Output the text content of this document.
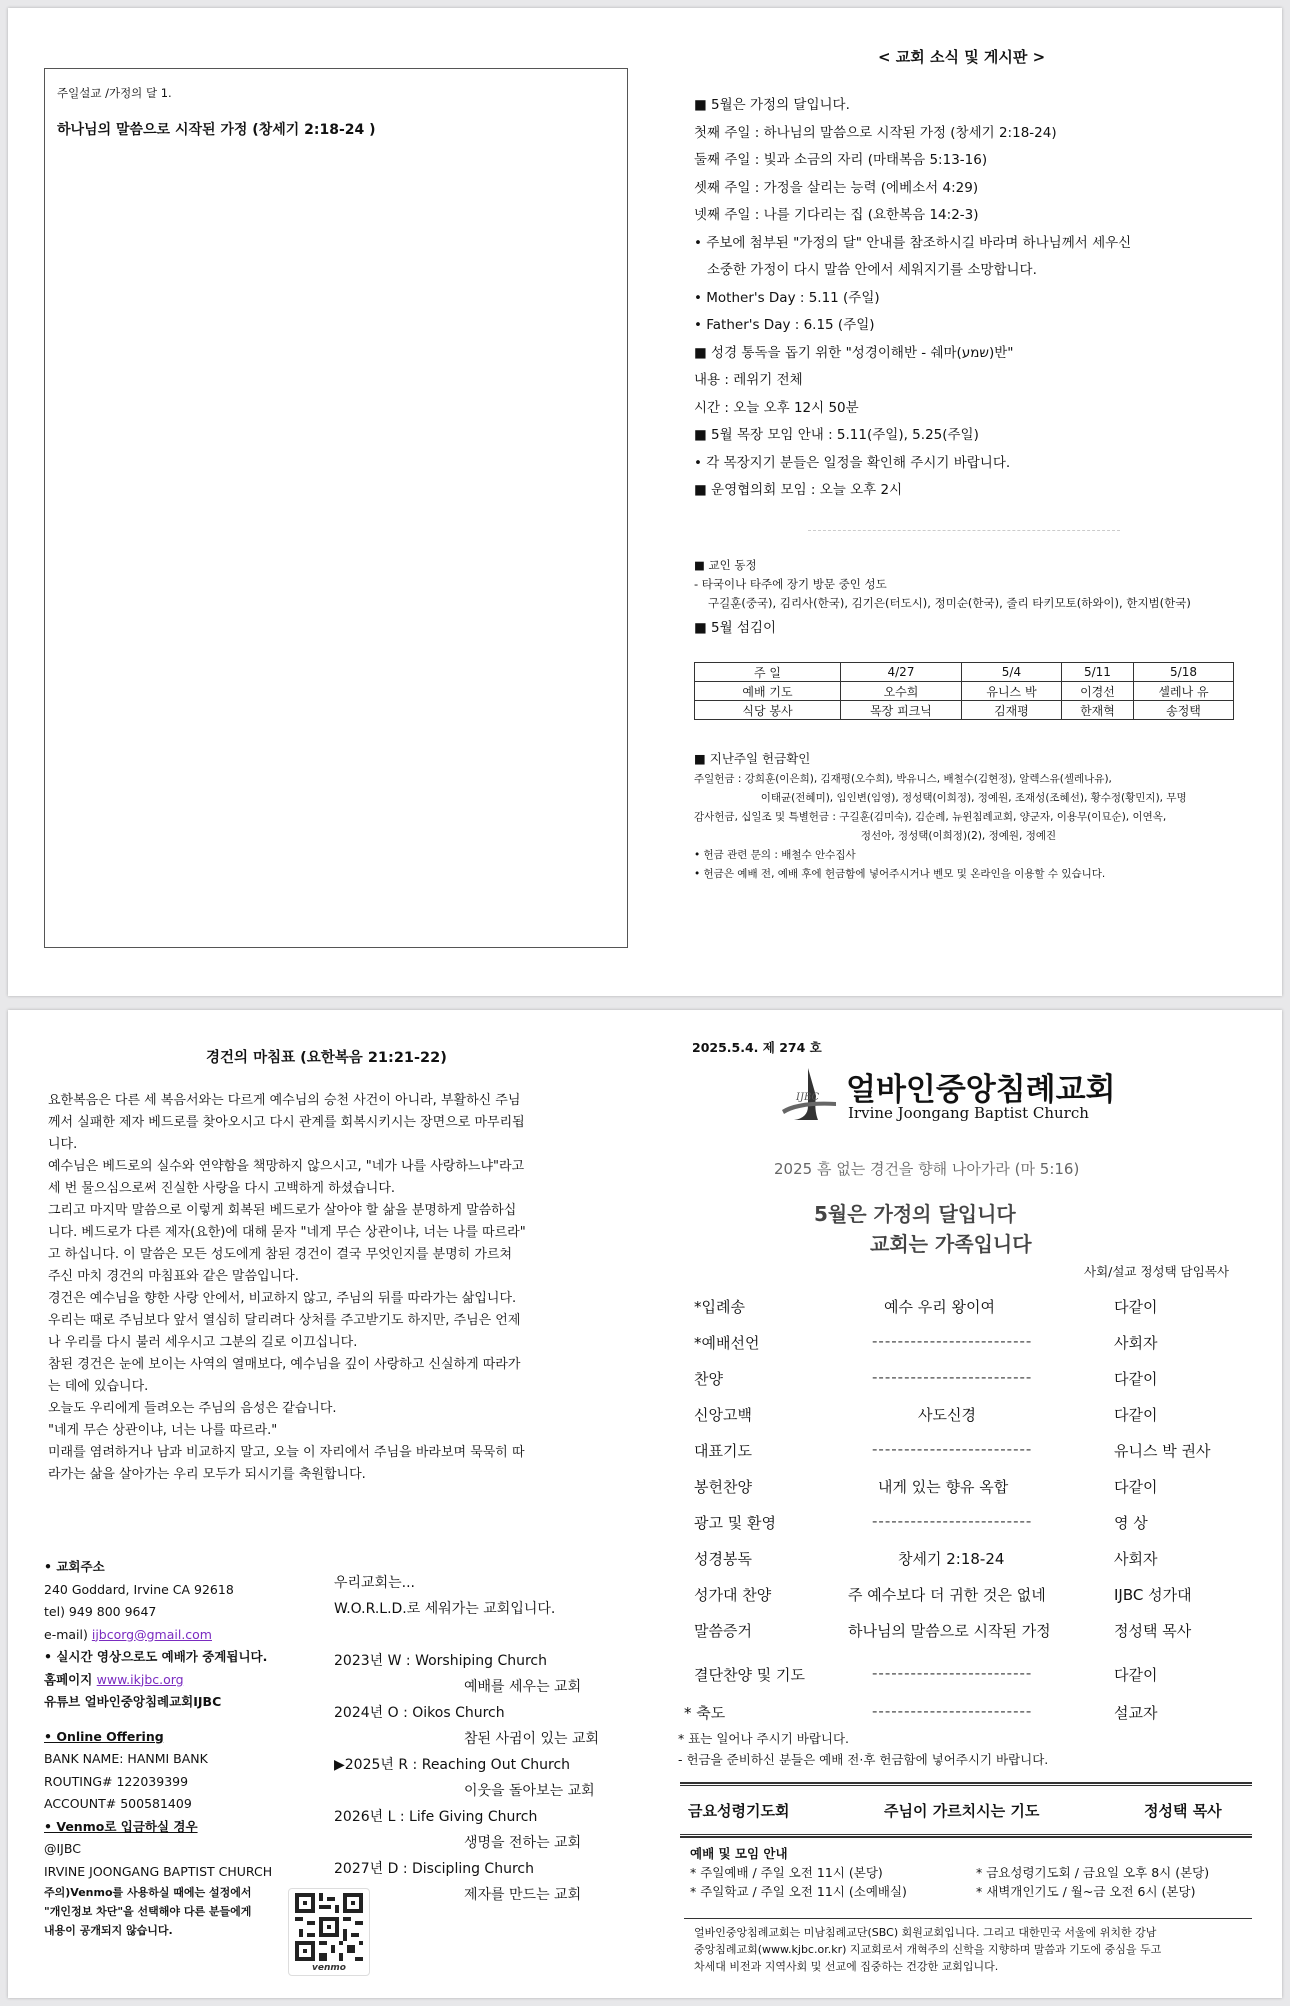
주일설교 /가정의 달 1.
하나님의 말씀으로 시작된 가정 (창세기 2:18-24 )
< 교회 소식 및 게시판 >
■ 5월은 가정의 달입니다.
첫째 주일 : 하나님의 말씀으로 시작된 가정 (창세기 2:18-24)
둘째 주일 : 빛과 소금의 자리 (마태복음 5:13-16)
셋째 주일 : 가정을 살리는 능력 (에베소서 4:29)
넷째 주일 : 나를 기다리는 집 (요한복음 14:2-3)
• 주보에 첨부된 "가정의 달" 안내를 참조하시길 바라며 하나님께서 세우신
소중한 가정이 다시 말씀 안에서 세워지기를 소망합니다.
• Mother's Day : 5.11 (주일)
• Father's Day : 6.15 (주일)
■ 성경 통독을 돕기 위한 "성경이해반 - 쉐마(שמע)반"
내용 : 레위기 전체
시간 : 오늘 오후 12시 50분
■ 5월 목장 모임 안내 : 5.11(주일), 5.25(주일)
• 각 목장지기 분들은 일정을 확인해 주시기 바랍니다.
■ 운영협의회 모임 : 오늘 오후 2시
■ 교인 동정
- 타국이나 타주에 장기 방문 중인 성도
구길훈(중국), 김리사(한국), 김기은(터도시), 정미순(한국), 줄리 타키모토(하와이), 한지범(한국)
■ 5월 섬김이
주 일	4/27	5/4	5/11	5/18
예배 기도	오수희	유니스 박	이경선	셀레나 유
식당 봉사	목장 피크닉	김재평	한재혁	송정택
■ 지난주일 헌금확인
주일헌금 : 강희훈(이은희), 김재평(오수희), 박유니스, 배철수(김현정), 알렉스유(셀레나유),
이태균(전혜미), 임인변(임영), 정성택(이희정), 정예원, 조재성(조혜선), 황수정(황민지), 무명
감사헌금, 십일조 및 특별헌금 : 구길훈(김미숙), 김순례, 뉴윈침례교회, 양군자, 이용무(이묘순), 이연옥,
정선아, 정성택(이희정)(2), 정예원, 정예진
• 헌금 관련 문의 : 배철수 안수집사
• 헌금은 예배 전, 예배 후에 헌금함에 넣어주시거나 벤모 및 온라인을 이용할 수 있습니다.
경건의 마침표 (요한복음 21:21-22)
요한복음은 다른 세 복음서와는 다르게 예수님의 승천 사건이 아니라, 부활하신 주님
께서 실패한 제자 베드로를 찾아오시고 다시 관계를 회복시키시는 장면으로 마무리됩
니다.
예수님은 베드로의 실수와 연약함을 책망하지 않으시고, "네가 나를 사랑하느냐"라고
세 번 물으심으로써 진실한 사랑을 다시 고백하게 하셨습니다.
그리고 마지막 말씀으로 이렇게 회복된 베드로가 살아야 할 삶을 분명하게 말씀하십
니다. 베드로가 다른 제자(요한)에 대해 묻자 "네게 무슨 상관이냐, 너는 나를 따르라"
고 하십니다. 이 말씀은 모든 성도에게 참된 경건이 결국 무엇인지를 분명히 가르쳐
주신 마치 경건의 마침표와 같은 말씀입니다.
경건은 예수님을 향한 사랑 안에서, 비교하지 않고, 주님의 뒤를 따라가는 삶입니다.
우리는 때로 주님보다 앞서 열심히 달리려다 상처를 주고받기도 하지만, 주님은 언제
나 우리를 다시 불러 세우시고 그분의 길로 이끄십니다.
참된 경건은 눈에 보이는 사역의 열매보다, 예수님을 깊이 사랑하고 신실하게 따라가
는 데에 있습니다.
오늘도 우리에게 들려오는 주님의 음성은 같습니다.
"네게 무슨 상관이냐, 너는 나를 따르라."
미래를 염려하거나 남과 비교하지 말고, 오늘 이 자리에서 주님을 바라보며 묵묵히 따
라가는 삶을 살아가는 우리 모두가 되시기를 축원합니다.
• 교회주소
240 Goddard, Irvine CA 92618
tel) 949 800 9647
e-mail) ijbcorg@gmail.com
• 실시간 영상으로도 예배가 중계됩니다.
홈페이지 www.ikjbc.org
유튜브 얼바인중앙침례교회IJBC
• Online Offering
BANK NAME: HANMI BANK
ROUTING# 122039399
ACCOUNT# 500581409
• Venmo로 입금하실 경우
@IJBC
IRVINE JOONGANG BAPTIST CHURCH
주의)Venmo를 사용하실 때에는 설정에서
"개인정보 차단"을 선택해야 다른 분들에게
내용이 공개되지 않습니다.
우리교회는...
W.O.R.L.D.로 세워가는 교회입니다.
2023년 W : Worshiping Church
예배를 세우는 교회
2024년 O : Oikos Church
참된 사귐이 있는 교회
▶2025년 R : Reaching Out Church
이웃을 돌아보는 교회
2026년 L : Life Giving Church
생명을 전하는 교회
2027년 D : Discipling Church
제자를 만드는 교회
venmo
2025.5.4. 제 274 호
IJBC 얼바인중앙침례교회
Irvine Joongang Baptist Church
2025 흠 없는 경건을 향해 나아가라 (마 5:16)
5월은 가정의 달입니다
교회는 가족입니다
사회/설교 정성택 담임목사
*입례송	예수 우리 왕이여	다같이
*예배선언	-------------------------	사회자
찬양	-------------------------	다같이
신앙고백	사도신경	다같이
대표기도	-------------------------	유니스 박 권사
봉헌찬양	내게 있는 향유 옥합	다같이
광고 및 환영	-------------------------	영 상
성경봉독	창세기 2:18-24	사회자
성가대 찬양	주 예수보다 더 귀한 것은 없네	IJBC 성가대
말씀증거	하나님의 말씀으로 시작된 가정	정성택 목사
결단찬양 및 기도	-------------------------	다같이
* 축도	-------------------------	설교자
* 표는 일어나 주시기 바랍니다.
- 헌금을 준비하신 분들은 예배 전·후 헌금함에 넣어주시기 바랍니다.
금요성령기도회	주님이 가르치시는 기도	정성택 목사
예배 및 모임 안내
* 주일예배 / 주일 오전 11시 (본당)	* 금요성령기도회 / 금요일 오후 8시 (본당)
* 주일학교 / 주일 오전 11시 (소예배실)	* 새벽개인기도 / 월~금 오전 6시 (본당)
얼바인중앙침례교회는 미남침례교단(SBC) 회원교회입니다. 그리고 대한민국 서울에 위치한 강남
중앙침례교회(www.kjbc.or.kr) 지교회로서 개혁주의 신학을 지향하며 말씀과 기도에 중심을 두고
차세대 비전과 지역사회 및 선교에 집중하는 건강한 교회입니다.
